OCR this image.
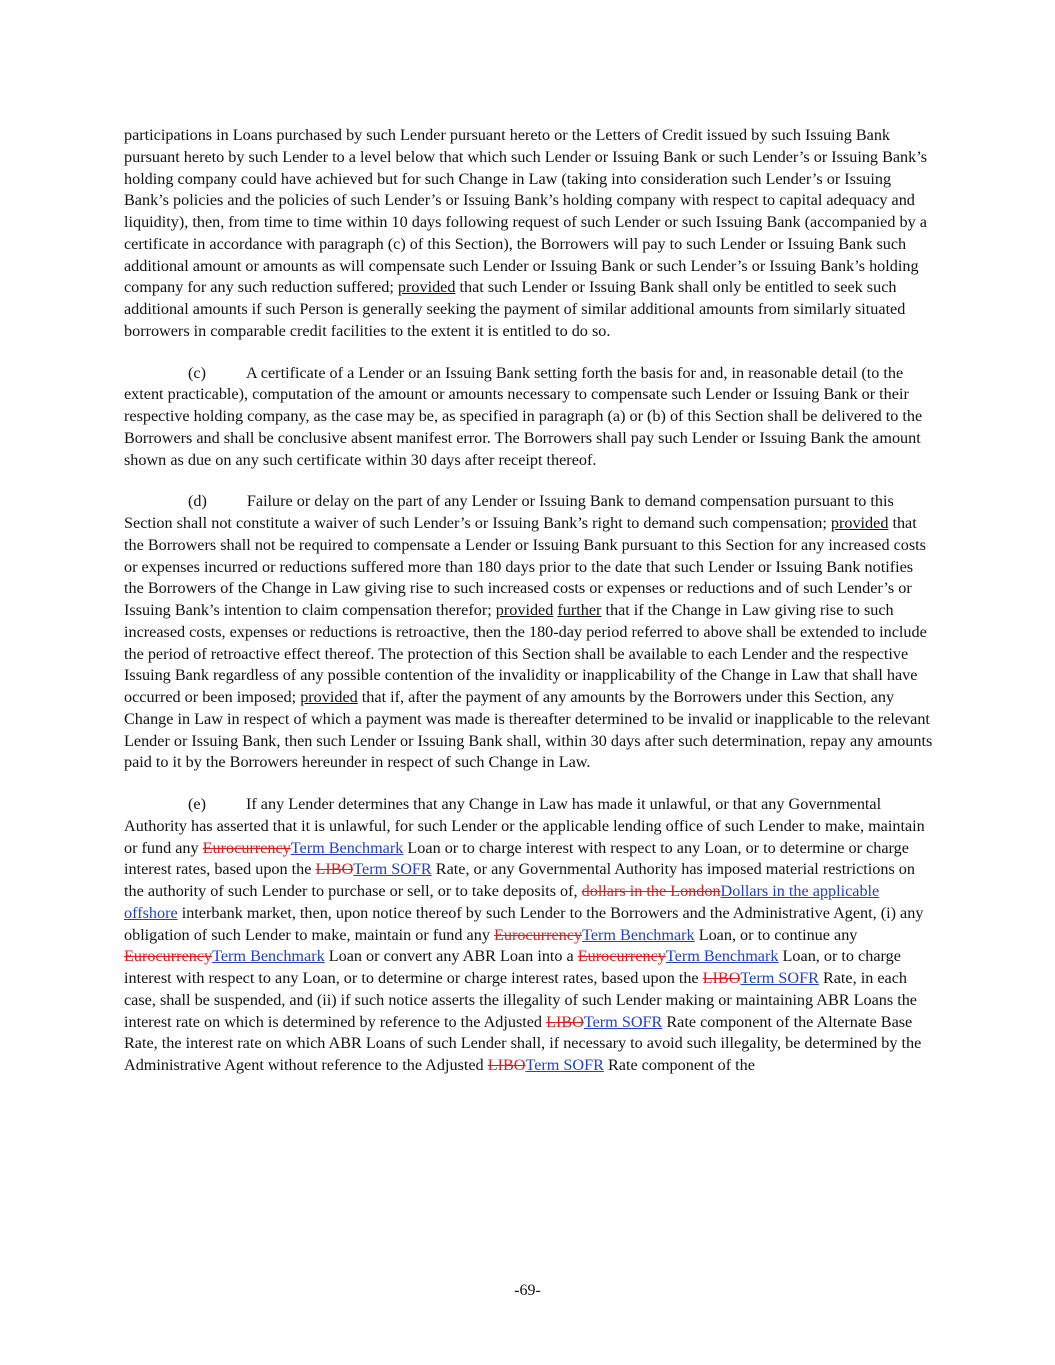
participations in Loans purchased by such Lender pursuant hereto or the Letters of Credit issued by such Issuing Bank pursuant hereto by such Lender to a level below that which such Lender or Issuing Bank or such Lender’s or Issuing Bank’s holding company could have achieved but for such Change in Law (taking into consideration such Lender’s or Issuing Bank’s policies and the policies of such Lender’s or Issuing Bank’s holding company with respect to capital adequacy and liquidity), then, from time to time within 10 days following request of such Lender or such Issuing Bank (accompanied by a certificate in accordance with paragraph (c) of this Section), the Borrowers will pay to such Lender or Issuing Bank such additional amount or amounts as will compensate such Lender or Issuing Bank or such Lender’s or Issuing Bank’s holding company for any such reduction suffered; provided that such Lender or Issuing Bank shall only be entitled to seek such additional amounts if such Person is generally seeking the payment of similar additional amounts from similarly situated borrowers in comparable credit facilities to the extent it is entitled to do so.

(c) A certificate of a Lender or an Issuing Bank setting forth the basis for and, in reasonable detail (to the extent practicable), computation of the amount or amounts necessary to compensate such Lender or Issuing Bank or their respective holding company, as the case may be, as specified in paragraph (a) or (b) of this Section shall be delivered to the Borrowers and shall be conclusive absent manifest error. The Borrowers shall pay such Lender or Issuing Bank the amount shown as due on any such certificate within 30 days after receipt thereof.

(d) Failure or delay on the part of any Lender or Issuing Bank to demand compensation pursuant to this Section shall not constitute a waiver of such Lender’s or Issuing Bank’s right to demand such compensation; provided that the Borrowers shall not be required to compensate a Lender or Issuing Bank pursuant to this Section for any increased costs or expenses incurred or reductions suffered more than 180 days prior to the date that such Lender or Issuing Bank notifies the Borrowers of the Change in Law giving rise to such increased costs or expenses or reductions and of such Lender’s or Issuing Bank’s intention to claim compensation therefor; provided further that if the Change in Law giving rise to such increased costs, expenses or reductions is retroactive, then the 180-day period referred to above shall be extended to include the period of retroactive effect thereof. The protection of this Section shall be available to each Lender and the respective Issuing Bank regardless of any possible contention of the invalidity or inapplicability of the Change in Law that shall have occurred or been imposed; provided that if, after the payment of any amounts by the Borrowers under this Section, any Change in Law in respect of which a payment was made is thereafter determined to be invalid or inapplicable to the relevant Lender or Issuing Bank, then such Lender or Issuing Bank shall, within 30 days after such determination, repay any amounts paid to it by the Borrowers hereunder in respect of such Change in Law.

(e) If any Lender determines that any Change in Law has made it unlawful, or that any Governmental Authority has asserted that it is unlawful, for such Lender or the applicable lending office of such Lender to make, maintain or fund any EurocurrencyTerm Benchmark Loan or to charge interest with respect to any Loan, or to determine or charge interest rates, based upon the LIBOTerm SOFR Rate, or any Governmental Authority has imposed material restrictions on the authority of such Lender to purchase or sell, or to take deposits of, dollars in the LondonDollars in the applicable offshore interbank market, then, upon notice thereof by such Lender to the Borrowers and the Administrative Agent, (i) any obligation of such Lender to make, maintain or fund any EurocurrencyTerm Benchmark Loan, or to continue any EurocurrencyTerm Benchmark Loan or convert any ABR Loan into a EurocurrencyTerm Benchmark Loan, or to charge interest with respect to any Loan, or to determine or charge interest rates, based upon the LIBOTerm SOFR Rate, in each case, shall be suspended, and (ii) if such notice asserts the illegality of such Lender making or maintaining ABR Loans the interest rate on which is determined by reference to the Adjusted LIBOTerm SOFR Rate component of the Alternate Base Rate, the interest rate on which ABR Loans of such Lender shall, if necessary to avoid such illegality, be determined by the Administrative Agent without reference to the Adjusted LIBOTerm SOFR Rate component of the

-69-
